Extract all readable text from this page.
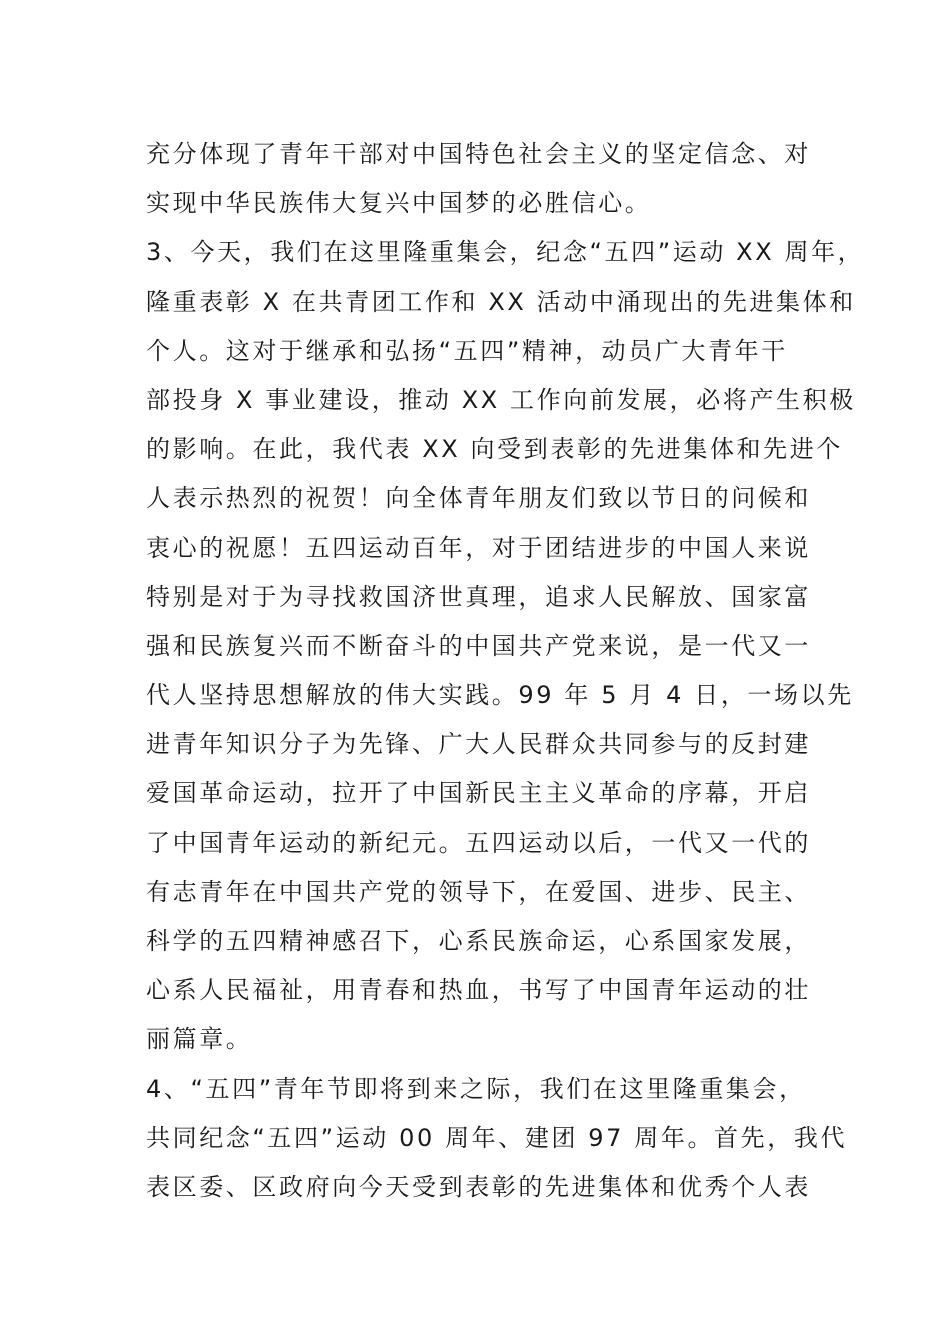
充分体现了青年干部对中国特色社会主义的坚定信念、对
实现中华民族伟大复兴中国梦的必胜信心。
3、今天，我们在这里隆重集会，纪念“五四”运动 XX 周年，
隆重表彰 X 在共青团工作和 XX 活动中涌现出的先进集体和
个人。这对于继承和弘扬“五四”精神，动员广大青年干
部投身 X 事业建设，推动 XX 工作向前发展，必将产生积极
的影响。在此，我代表 XX 向受到表彰的先进集体和先进个
人表示热烈的祝贺！向全体青年朋友们致以节日的问候和
衷心的祝愿！五四运动百年，对于团结进步的中国人来说
特别是对于为寻找救国济世真理，追求人民解放、国家富
强和民族复兴而不断奋斗的中国共产党来说，是一代又一
代人坚持思想解放的伟大实践。99 年 5 月 4 日，一场以先
进青年知识分子为先锋、广大人民群众共同参与的反封建
爱国革命运动，拉开了中国新民主主义革命的序幕，开启
了中国青年运动的新纪元。五四运动以后，一代又一代的
有志青年在中国共产党的领导下，在爱国、进步、民主、
科学的五四精神感召下，心系民族命运，心系国家发展，
心系人民福祉，用青春和热血，书写了中国青年运动的壮
丽篇章。
4、“五四”青年节即将到来之际，我们在这里隆重集会，
共同纪念“五四”运动 00 周年、建团 97 周年。首先，我代
表区委、区政府向今天受到表彰的先进集体和优秀个人表
